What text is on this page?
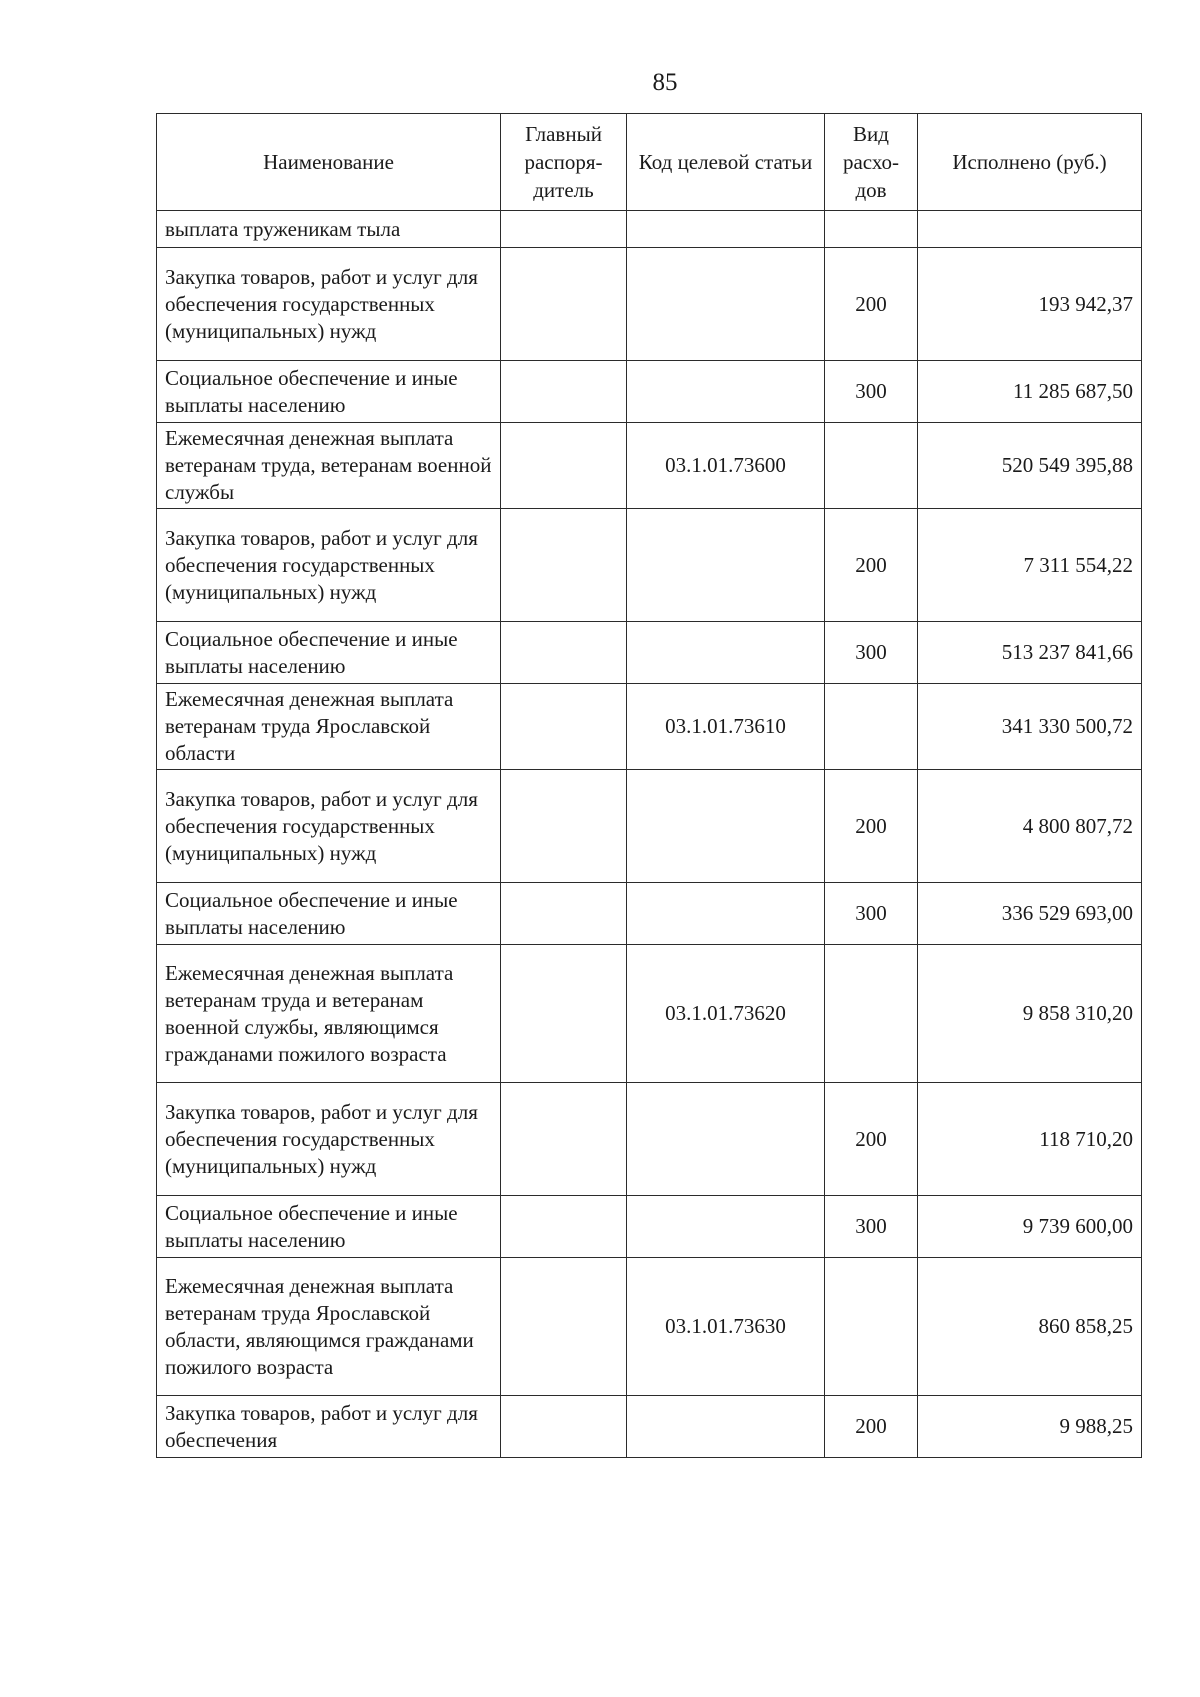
85
Наименование	Главный распоря-дитель	Код целевой статьи	Вид расхо-дов	Исполнено (руб.)
выплата труженикам тыла				
Закупка товаров, работ и услуг для обеспечения государственных (муниципальных) нужд			200	193 942,37
Социальное обеспечение и иные выплаты населению			300	11 285 687,50
Ежемесячная денежная выплата ветеранам труда, ветеранам военной службы		03.1.01.73600		520 549 395,88
Закупка товаров, работ и услуг для обеспечения государственных (муниципальных) нужд			200	7 311 554,22
Социальное обеспечение и иные выплаты населению			300	513 237 841,66
Ежемесячная денежная выплата ветеранам труда Ярославской области		03.1.01.73610		341 330 500,72
Закупка товаров, работ и услуг для обеспечения государственных (муниципальных) нужд			200	4 800 807,72
Социальное обеспечение и иные выплаты населению			300	336 529 693,00
Ежемесячная денежная выплата ветеранам труда и ветеранам военной службы, являющимся гражданами пожилого возраста		03.1.01.73620		9 858 310,20
Закупка товаров, работ и услуг для обеспечения государственных (муниципальных) нужд			200	118 710,20
Социальное обеспечение и иные выплаты населению			300	9 739 600,00
Ежемесячная денежная выплата ветеранам труда Ярославской области, являющимся гражданами пожилого возраста		03.1.01.73630		860 858,25
Закупка товаров, работ и услуг для обеспечения			200	9 988,25
